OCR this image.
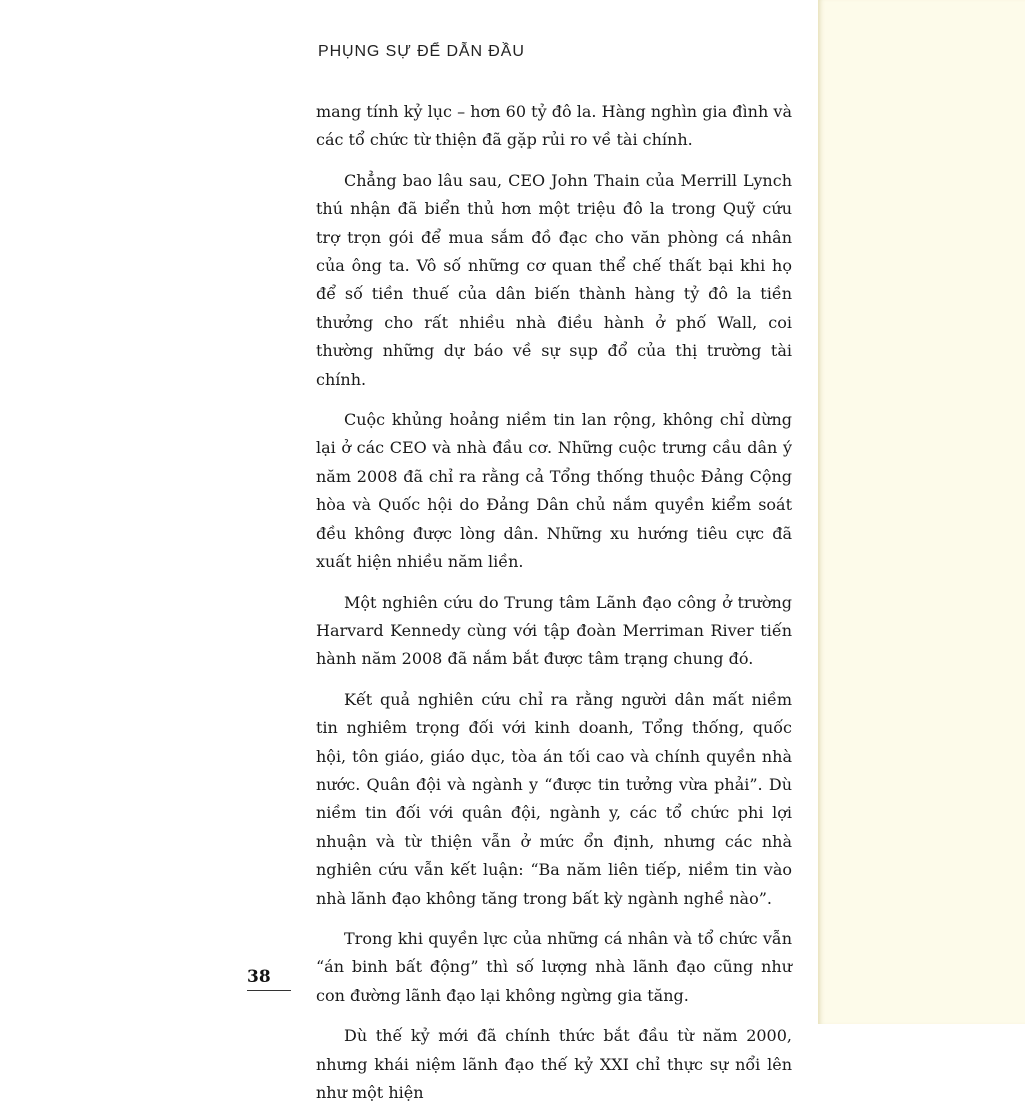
PHỤNG SỰ ĐỂ DẪN ĐẦU

mang tính kỷ lục – hơn 60 tỷ đô la. Hàng nghìn gia đình và các tổ chức từ thiện đã gặp rủi ro về tài chính.

Chẳng bao lâu sau, CEO John Thain của Merrill Lynch thú nhận đã biển thủ hơn một triệu đô la trong Quỹ cứu trợ trọn gói để mua sắm đồ đạc cho văn phòng cá nhân của ông ta. Vô số những cơ quan thể chế thất bại khi họ để số tiền thuế của dân biến thành hàng tỷ đô la tiền thưởng cho rất nhiều nhà điều hành ở phố Wall, coi thường những dự báo về sự sụp đổ của thị trường tài chính.

Cuộc khủng hoảng niềm tin lan rộng, không chỉ dừng lại ở các CEO và nhà đầu cơ. Những cuộc trưng cầu dân ý năm 2008 đã chỉ ra rằng cả Tổng thống thuộc Đảng Cộng hòa và Quốc hội do Đảng Dân chủ nắm quyền kiểm soát đều không được lòng dân. Những xu hướng tiêu cực đã xuất hiện nhiều năm liền.

Một nghiên cứu do Trung tâm Lãnh đạo công ở trường Harvard Kennedy cùng với tập đoàn Merriman River tiến hành năm 2008 đã nắm bắt được tâm trạng chung đó.

Kết quả nghiên cứu chỉ ra rằng người dân mất niềm tin nghiêm trọng đối với kinh doanh, Tổng thống, quốc hội, tôn giáo, giáo dục, tòa án tối cao và chính quyền nhà nước. Quân đội và ngành y “được tin tưởng vừa phải”. Dù niềm tin đối với quân đội, ngành y, các tổ chức phi lợi nhuận và từ thiện vẫn ở mức ổn định, nhưng các nhà nghiên cứu vẫn kết luận: “Ba năm liên tiếp, niềm tin vào nhà lãnh đạo không tăng trong bất kỳ ngành nghề nào”.

Trong khi quyền lực của những cá nhân và tổ chức vẫn “án binh bất động” thì số lượng nhà lãnh đạo cũng như con đường lãnh đạo lại không ngừng gia tăng.

Dù thế kỷ mới đã chính thức bắt đầu từ năm 2000, nhưng khái niệm lãnh đạo thế kỷ XXI chỉ thực sự nổi lên như một hiện

38
